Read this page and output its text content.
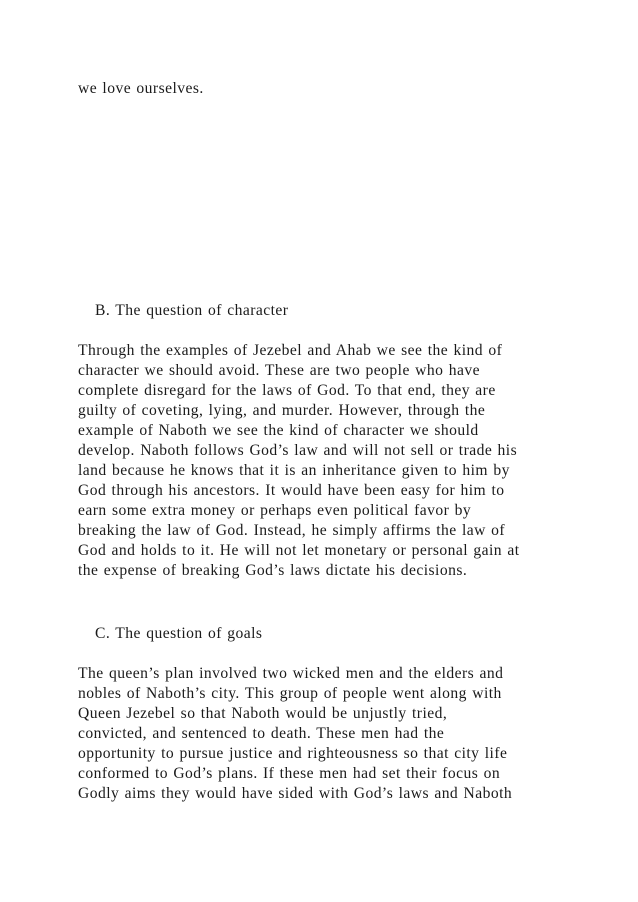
we love ourselves.
B. The question of character
Through the examples of Jezebel and Ahab we see the kind of
character we should avoid. These are two people who have
complete disregard for the laws of God. To that end, they are
guilty of coveting, lying, and murder. However, through the
example of Naboth we see the kind of character we should
develop. Naboth follows God’s law and will not sell or trade his
land because he knows that it is an inheritance given to him by
God through his ancestors. It would have been easy for him to
earn some extra money or perhaps even political favor by
breaking the law of God. Instead, he simply affirms the law of
God and holds to it. He will not let monetary or personal gain at
the expense of breaking God’s laws dictate his decisions.
C. The question of goals
The queen’s plan involved two wicked men and the elders and
nobles of Naboth’s city. This group of people went along with
Queen Jezebel so that Naboth would be unjustly tried,
convicted, and sentenced to death. These men had the
opportunity to pursue justice and righteousness so that city life
conformed to God’s plans. If these men had set their focus on
Godly aims they would have sided with God’s laws and Naboth
